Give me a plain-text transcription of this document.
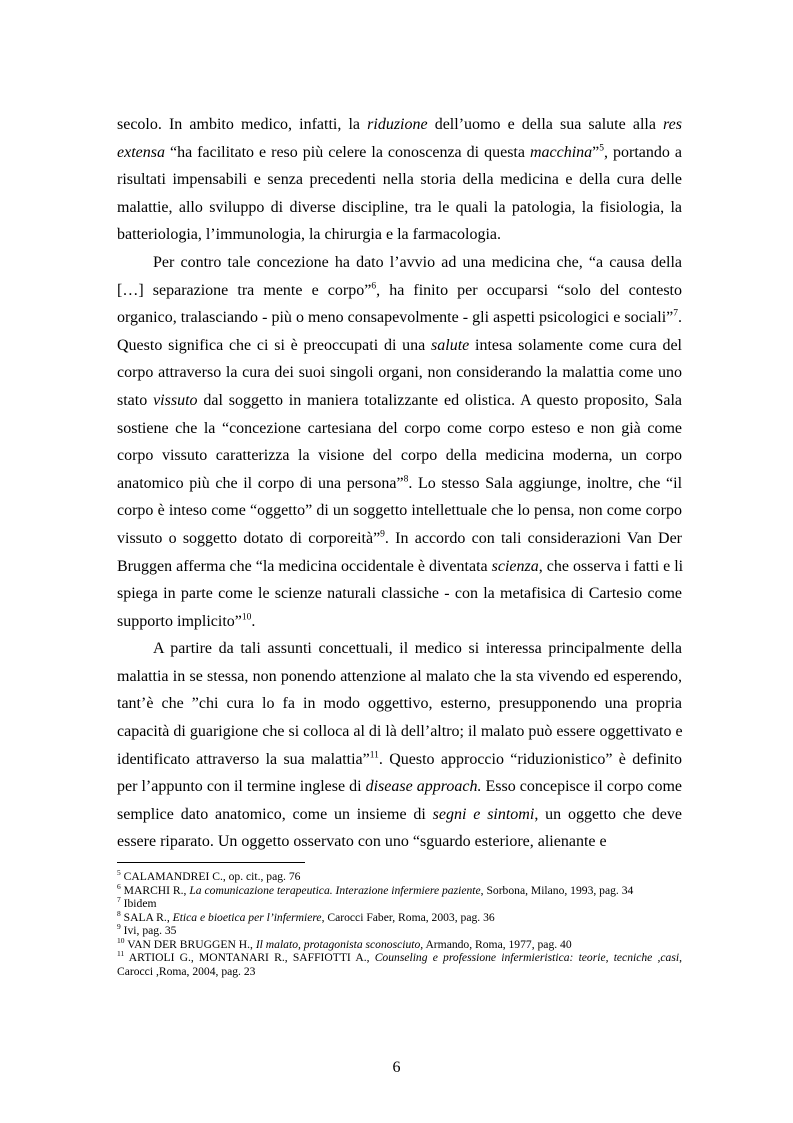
secolo. In ambito medico, infatti, la riduzione dell’uomo e della sua salute alla res
extensa “ha facilitato e reso più celere la conoscenza di questa macchina”$^5$, portando a
risultati impensabili e senza precedenti nella storia della medicina e della cura delle
malattie, allo sviluppo di diverse discipline, tra le quali la patologia, la fisiologia, la
batteriologia, l’immunologia, la chirurgia e la farmacologia.
Per contro tale concezione ha dato l’avvio ad una medicina che, “a causa della
[…] separazione tra mente e corpo”$^6$, ha finito per occuparsi “solo del contesto
organico, tralasciando - più o meno consapevolmente - gli aspetti psicologici e sociali”$^7$.
Questo significa che ci si è preoccupati di una salute intesa solamente come cura del
corpo attraverso la cura dei suoi singoli organi, non considerando la malattia come uno
stato vissuto dal soggetto in maniera totalizzante ed olistica. A questo proposito, Sala
sostiene che la “concezione cartesiana del corpo come corpo esteso e non già come
corpo vissuto caratterizza la visione del corpo della medicina moderna, un corpo
anatomico più che il corpo di una persona”$^8$. Lo stesso Sala aggiunge, inoltre, che “il
corpo è inteso come “oggetto” di un soggetto intellettuale che lo pensa, non come corpo
vissuto o soggetto dotato di corporeità”$^9$. In accordo con tali considerazioni Van Der
Bruggen afferma che “la medicina occidentale è diventata scienza, che osserva i fatti e li
spiega in parte come le scienze naturali classiche - con la metafisica di Cartesio come
supporto implicito”$^{10}$.
A partire da tali assunti concettuali, il medico si interessa principalmente della
malattia in se stessa, non ponendo attenzione al malato che la sta vivendo ed esperendo,
tant’è che ”chi cura lo fa in modo oggettivo, esterno, presupponendo una propria
capacità di guarigione che si colloca al di là dell’altro; il malato può essere oggettivato e
identificato attraverso la sua malattia”$^{11}$. Questo approccio “riduzionistico” è definito
per l’appunto con il termine inglese di disease approach. Esso concepisce il corpo come
semplice dato anatomico, come un insieme di segni e sintomi, un oggetto che deve
essere riparato. Un oggetto osservato con uno “sguardo esteriore, alienante e

$^5$ CALAMANDREI C., op. cit., pag. 76

$^6$ MARCHI R., La comunicazione terapeutica. Interazione infermiere paziente, Sorbona, Milano, 1993, pag. 34

$^7$ Ibidem

$^8$ SALA R., Etica e bioetica per l’infermiere, Carocci Faber, Roma, 2003, pag. 36

$^9$ Ivi, pag. 35

$^{10}$ VAN DER BRUGGEN H., Il malato, protagonista sconosciuto, Armando, Roma, 1977, pag. 40

$^{11}$ ARTIOLI G., MONTANARI R., SAFFIOTTI A., Counseling e professione infermieristica: teorie, tecniche ,casi, Carocci ,Roma, 2004, pag. 23

6
